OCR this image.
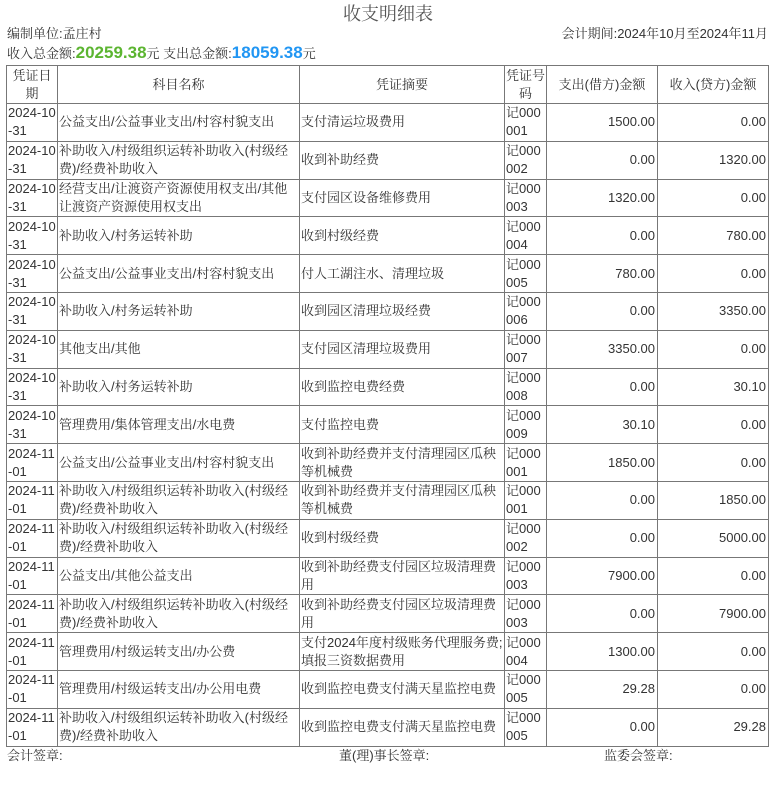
收支明细表
编制单位:孟庄村	会计期间:2024年10月至2024年11月
收入总金额:20259.38元 支出总金额:18059.38元
凭证日期	科目名称	凭证摘要	凭证号码	支出(借方)金额	收入(贷方)金额
2024-10-31	公益支出/公益事业支出/村容村貌支出	支付清运垃圾费用	记000001	1500.00	0.00
2024-10-31	补助收入/村级组织运转补助收入(村级经费)/经费补助收入	收到补助经费	记000002	0.00	1320.00
2024-10-31	经营支出/让渡资产资源使用权支出/其他让渡资产资源使用权支出	支付园区设备维修费用	记000003	1320.00	0.00
2024-10-31	补助收入/村务运转补助	收到村级经费	记000004	0.00	780.00
2024-10-31	公益支出/公益事业支出/村容村貌支出	付人工湖注水、清理垃圾	记000005	780.00	0.00
2024-10-31	补助收入/村务运转补助	收到园区清理垃圾经费	记000006	0.00	3350.00
2024-10-31	其他支出/其他	支付园区清理垃圾费用	记000007	3350.00	0.00
2024-10-31	补助收入/村务运转补助	收到监控电费经费	记000008	0.00	30.10
2024-10-31	管理费用/集体管理支出/水电费	支付监控电费	记000009	30.10	0.00
2024-11-01	公益支出/公益事业支出/村容村貌支出	收到补助经费并支付清理园区瓜秧等机械费	记000001	1850.00	0.00
2024-11-01	补助收入/村级组织运转补助收入(村级经费)/经费补助收入	收到补助经费并支付清理园区瓜秧等机械费	记000001	0.00	1850.00
2024-11-01	补助收入/村级组织运转补助收入(村级经费)/经费补助收入	收到村级经费	记000002	0.00	5000.00
2024-11-01	公益支出/其他公益支出	收到补助经费支付园区垃圾清理费用	记000003	7900.00	0.00
2024-11-01	补助收入/村级组织运转补助收入(村级经费)/经费补助收入	收到补助经费支付园区垃圾清理费用	记000003	0.00	7900.00
2024-11-01	管理费用/村级运转支出/办公费	支付2024年度村级账务代理服务费;填报三资数据费用	记000004	1300.00	0.00
2024-11-01	管理费用/村级运转支出/办公用电费	收到监控电费支付满天星监控电费	记000005	29.28	0.00
2024-11-01	补助收入/村级组织运转补助收入(村级经费)/经费补助收入	收到监控电费支付满天星监控电费	记000005	0.00	29.28
会计签章:	董(理)事长签章:	监委会签章:
